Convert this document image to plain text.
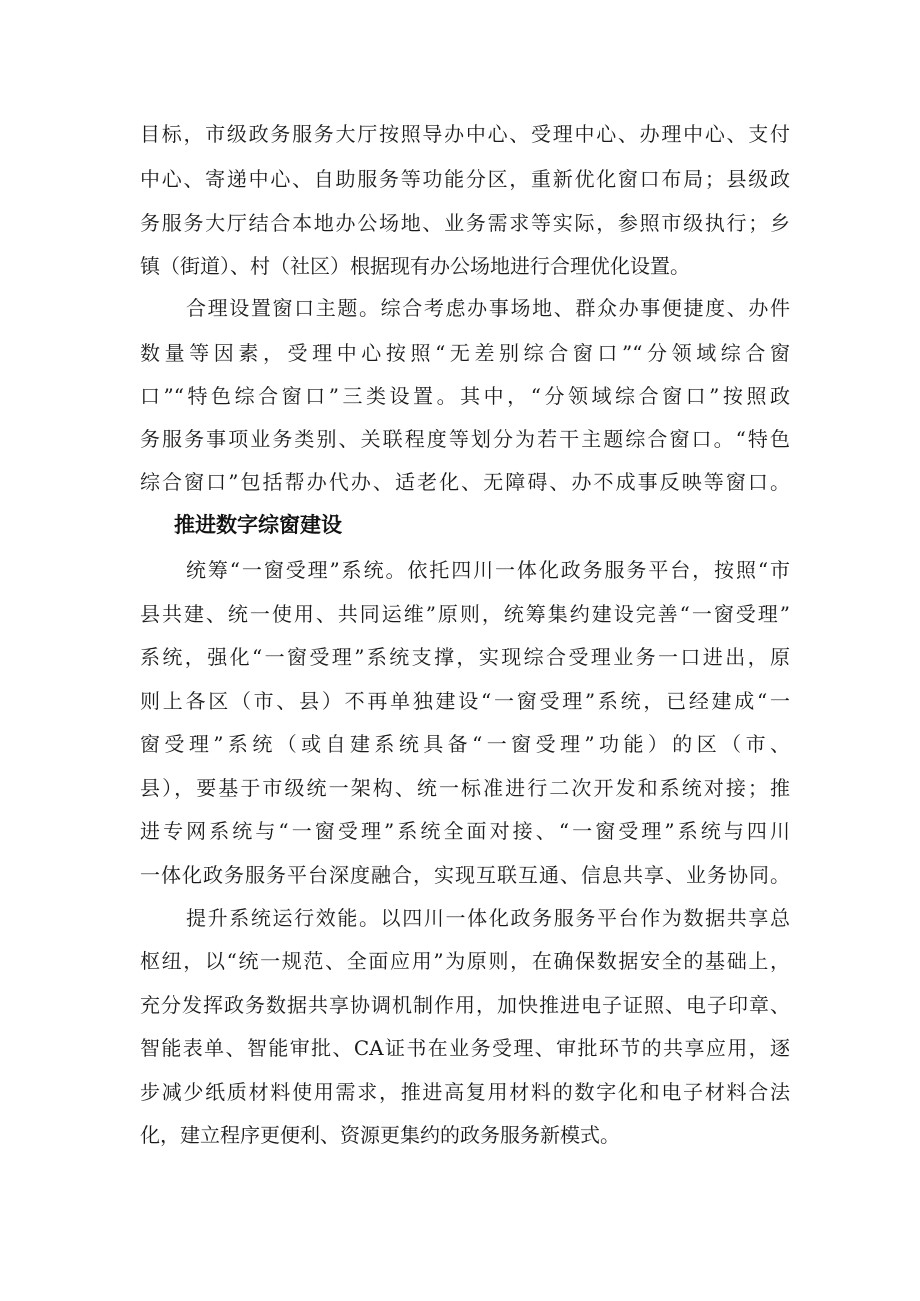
目标，市级政务服务大厅按照导办中心、受理中心、办理中心、支付
中心、寄递中心、自助服务等功能分区，重新优化窗口布局；县级政
务服务大厅结合本地办公场地、业务需求等实际，参照市级执行；乡
镇（街道）、村（社区）根据现有办公场地进行合理优化设置。
合理设置窗口主题。综合考虑办事场地、群众办事便捷度、办件
数量等因素，受理中心按照“无差别综合窗口”“分领域综合窗
口”“特色综合窗口”三类设置。其中，“分领域综合窗口”按照政
务服务事项业务类别、关联程度等划分为若干主题综合窗口。“特色
综合窗口”包括帮办代办、适老化、无障碍、办不成事反映等窗口。
推进数字综窗建设
统筹“一窗受理”系统。依托四川一体化政务服务平台，按照“市
县共建、统一使用、共同运维”原则，统筹集约建设完善“一窗受理”
系统，强化“一窗受理”系统支撑，实现综合受理业务一口进出，原
则上各区（市、县）不再单独建设“一窗受理”系统，已经建成“一
窗受理”系统（或自建系统具备“一窗受理”功能）的区（市、
县），要基于市级统一架构、统一标准进行二次开发和系统对接；推
进专网系统与“一窗受理”系统全面对接、“一窗受理”系统与四川
一体化政务服务平台深度融合，实现互联互通、信息共享、业务协同。
提升系统运行效能。以四川一体化政务服务平台作为数据共享总
枢纽，以“统一规范、全面应用”为原则，在确保数据安全的基础上，
充分发挥政务数据共享协调机制作用，加快推进电子证照、电子印章、
智能表单、智能审批、CA证书在业务受理、审批环节的共享应用，逐
步减少纸质材料使用需求，推进高复用材料的数字化和电子材料合法
化，建立程序更便利、资源更集约的政务服务新模式。
